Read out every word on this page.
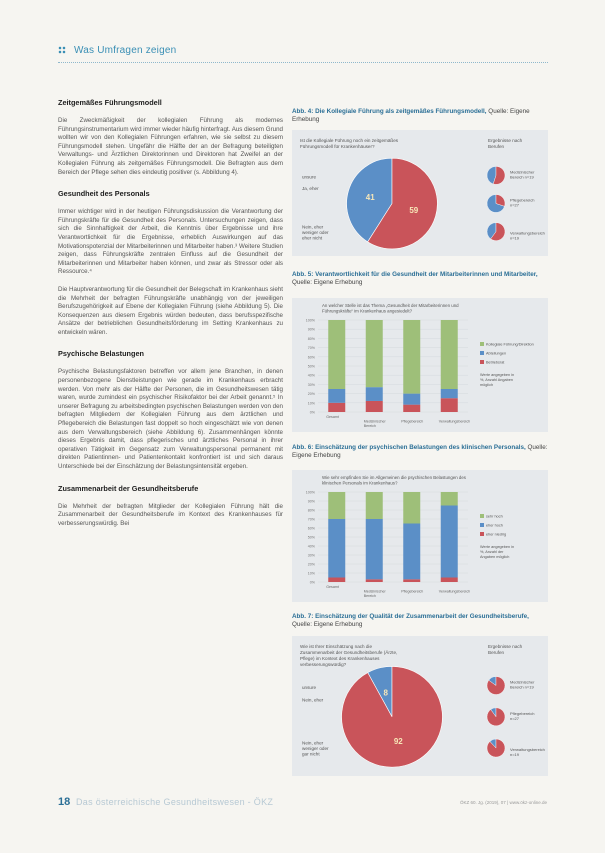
Was Umfragen zeigen
Zeitgemäßes Führungsmodell

Die Zweckmäßigkeit der kollegialen Führung als modernes Führungsinstrumentarium wird immer wieder häufig hinterfragt. Aus diesem Grund wollten wir von den Kollegialen Führungen erfahren, wie sie selbst zu diesem Führungsmodell stehen. Ungefähr die Hälfte der an der Befragung beteiligten Verwaltungs- und Ärztlichen Direktorinnen und Direktoren hat Zweifel an der Kollegialen Führung als zeitgemäßes Führungsmodell. Die Befragten aus dem Bereich der Pflege sehen dies eindeutig positiver (s. Abbildung 4).

Gesundheit des Personals

Immer wichtiger wird in der heutigen Führungsdiskussion die Verantwortung der Führungskräfte für die Gesundheit des Personals. Untersuchungen zeigen, dass sich die Sinnhaftigkeit der Arbeit, die Kenntnis über Ergebnisse und ihre Verantwortlichkeit für die Ergebnisse, erheblich Auswirkungen auf das Motivationspotenzial der Mitarbeiterinnen und Mitarbeiter haben.³ Weitere Studien zeigen, dass Führungskräfte zentralen Einfluss auf die Gesundheit der Mitarbeiterinnen und Mitarbeiter haben können, und zwar als Stressor oder als Ressource.⁴

Die Hauptverantwortung für die Gesundheit der Belegschaft im Krankenhaus sieht die Mehrheit der befragten Führungskräfte unabhängig von der jeweiligen Berufszugehörigkeit auf Ebene der Kollegialen Führung (siehe Abbildung 5). Die Konsequenzen aus diesem Ergebnis würden bedeuten, dass berufsspezifische Ansätze der betrieblichen Gesundheitsförderung im Setting Krankenhaus zu entwickeln wären.

Psychische Belastungen

Psychische Belastungsfaktoren betreffen vor allem jene Branchen, in denen personenbezogene Dienstleistungen wie gerade im Krankenhaus erbracht werden. Von mehr als der Hälfte der Personen, die im Gesundheitswesen tätig waren, wurde zumindest ein psychischer Risikofaktor bei der Arbeit genannt.⁵ In unserer Befragung zu arbeitsbedingten psychischen Belastungen werden von den befragten Mitgliedern der Kollegialen Führung aus dem ärztlichen und Pflegebereich die Belastungen fast doppelt so hoch eingeschätzt wie von denen aus dem Verwaltungsbereich (siehe Abbildung 6). Zusammenhängen könnte dieses Ergebnis damit, dass pflegerisches und ärztliches Personal in ihrer operativen Tätigkeit im Gegensatz zum Verwaltungspersonal permanent mit direkten Patientinnen- und Patientenkontakt konfrontiert ist und sich daraus Unterschiede bei der Einschätzung der Belastungsintensität ergeben.

Zusammenarbeit der Gesundheitsberufe

Die Mehrheit der befragten Mitglieder der Kollegialen Führung hält die Zusammenarbeit der Gesundheitsberufe im Kontext des Krankenhauses für verbesserungswürdig. Bei

Abb. 4: Die Kollegiale Führung als zeitgemäßes Führungsmodell, Quelle: Eigene Erhebung
Ist die Kollegiale Führung noch ein zeitgemäßes
Führungsmodell für Krankenhäuser?
Ergebnisse nach
Berufen
41
59
unsure
Ja, eher
Nein, eher
weniger oder
eher nicht
Medizinischer
Bereich n=19
Pflegebereich
n=27
Verwaltungsbereich
n=19
Abb. 5: Verantwortlichkeit für die Gesundheit der Mitarbeiterinnen und Mitarbeiter, Quelle: Eigene Erhebung
An welcher Stelle ist das Thema „Gesundheit der Mitarbeiterinnen und
Führungskräfte“ im Krankenhaus angesiedelt?
100%
90%
80%
70%
60%
50%
40%
30%
20%
10%
0%
Gesamt
Medizinischer
Bereich
Pflegebereich	Verwaltungsbereich
Kollegiale Führung/Direktion
Abteilungen
Betriebsrat
Werte angegeben in
%, Anzahl Angaben
möglich
Abb. 6: Einschätzung der psychischen Belastungen des klinischen Personals, Quelle: Eigene Erhebung
Wie sehr empfinden Sie im Allgemeinen die psychischen Belastungen des
klinischen Personals im Krankenhaus?
100%
90%
80%
70%
60%
50%
40%
30%
20%
10%
0%
Gesamt
Medizinischer
Bereich
Pflegebereich	Verwaltungsbereich
sehr hoch
eher hoch
eher niedrig
Werte angegeben in
%, Anzahl der
Angaben möglich
Abb. 7: Einschätzung der Qualität der Zusammenarbeit der Gesundheitsberufe, Quelle: Eigene Erhebung
Wie ist Ihrer Einschätzung nach die
Zusammenarbeit der Gesundheitsberufe (Ärzte,
Pflege) im Kontext des Krankenhauses
verbesserungswürdig?
Ergebnisse nach
Berufen
8
92
unsure
Nein, eher
Nein, eher
weniger oder
gar nicht
Medizinischer
Bereich n=19
Pflegebereich
n=27
Verwaltungsbereich
n=19
18 Das österreichische Gesundheitswesen - ÖKZ	ÖKZ 60. Jg. (2019), 07 | www.ökz-online.de
